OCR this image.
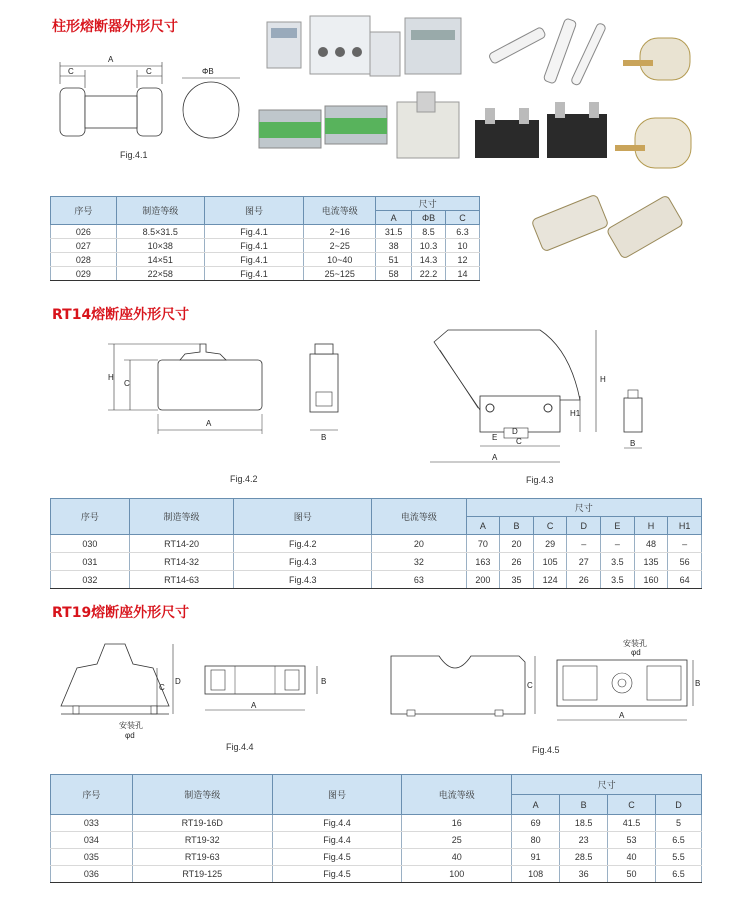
柱形熔断器外形尺寸
A
C	C	ΦB
Fig.4.1
序号	制造等级	图号	电流等级	尺寸		
				A	ΦB	C
026	8.5×31.5	Fig.4.1	2~16	31.5	8.5	6.3
027	10×38	Fig.4.1	2~25	38	10.3	10
028	14×51	Fig.4.1	10~40	51	14.3	12
029	22×58	Fig.4.1	25~125	58	22.2	14
RT14熔断座外形尺寸
H
C
A
B
Fig.4.2
H
H1
E
D
C
A
B
Fig.4.3
序号	制造等级	图号	电流等级	尺寸						
				A	B	C	D	E	H	H1
030	RT14-20	Fig.4.2	20	70	20	29	–	–	48	–
031	RT14-32	Fig.4.3	32	163	26	105	27	3.5	135	56
032	RT14-63	Fig.4.3	63	200	35	124	26	3.5	160	64
RT19熔断座外形尺寸
D
C
安装孔
φd
A
B
Fig.4.4
C
安装孔
φd
A
B
Fig.4.5
序号	制造等级	图号	电流等级	尺寸			
				A	B	C	D
033	RT19-16D	Fig.4.4	16	69	18.5	41.5	5
034	RT19-32	Fig.4.4	25	80	23	53	6.5
035	RT19-63	Fig.4.5	40	91	28.5	40	5.5
036	RT19-125	Fig.4.5	100	108	36	50	6.5
